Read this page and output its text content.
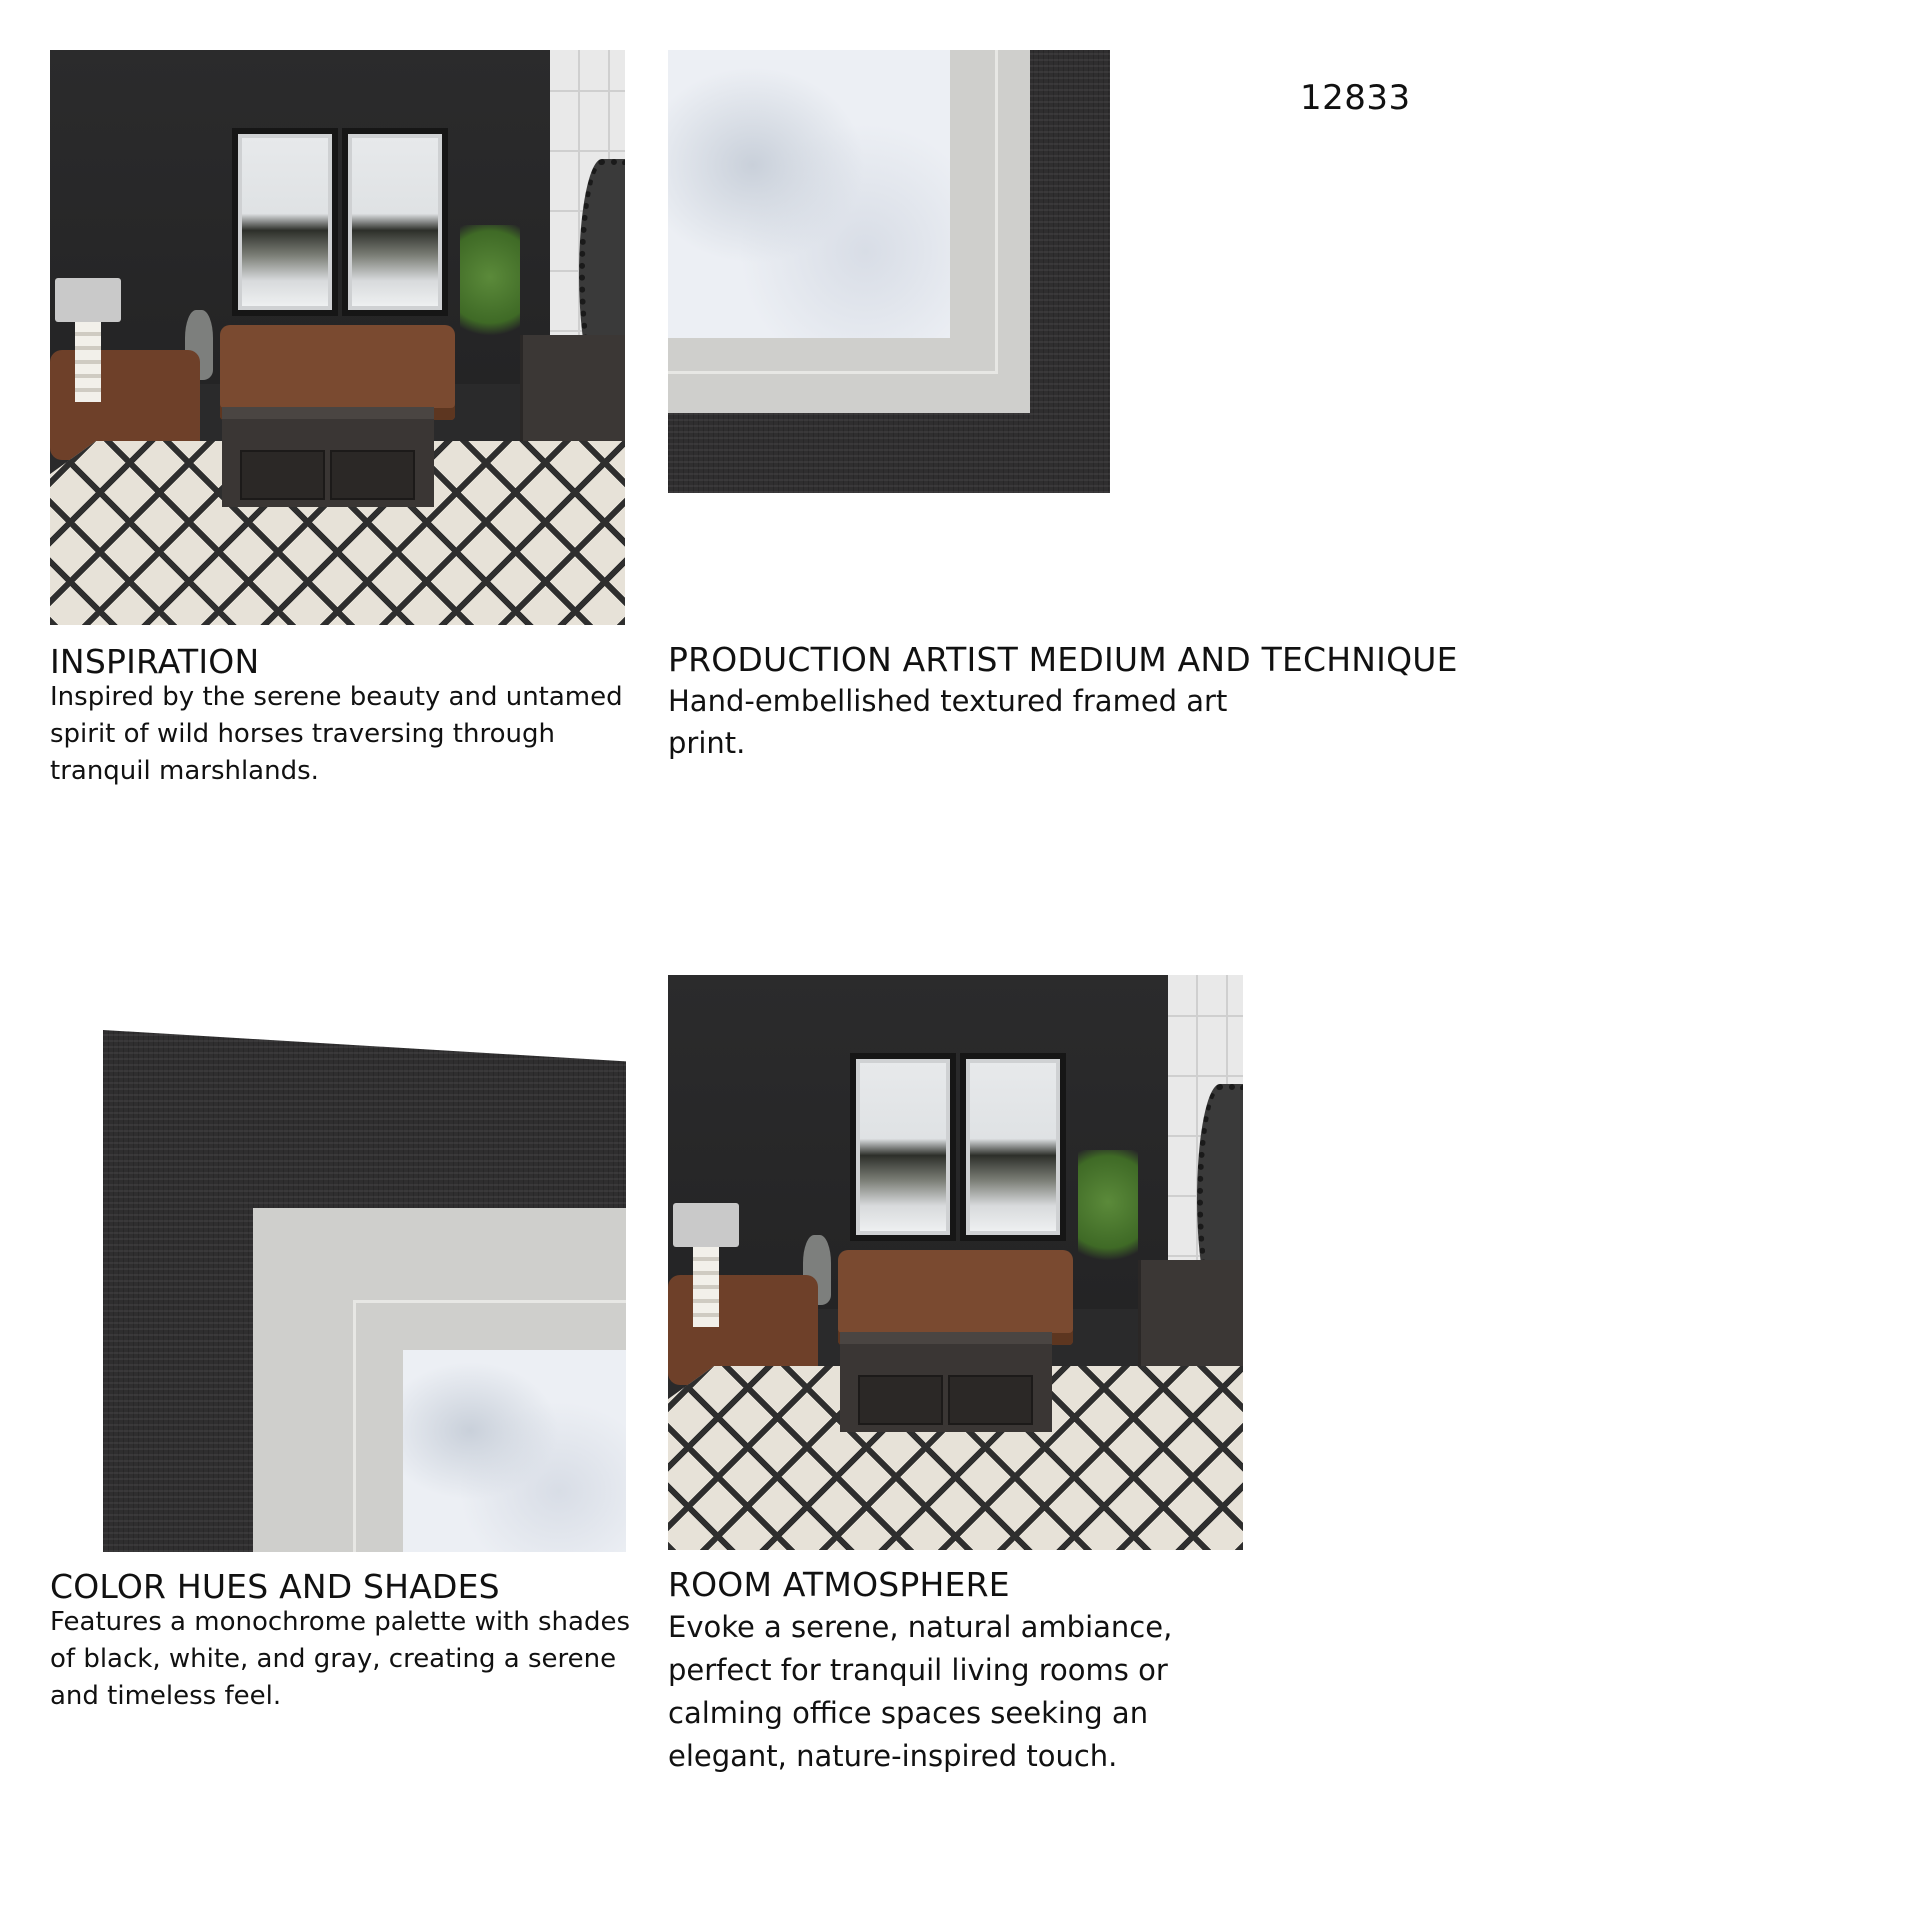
12833
INSPIRATION
Inspired by the serene beauty and untamed spirit of wild horses traversing through tranquil marshlands.
PRODUCTION ARTIST MEDIUM AND TECHNIQUE
Hand-embellished textured framed art
print.
COLOR HUES AND SHADES
Features a monochrome palette with shades of black, white, and gray, creating a serene and timeless feel.
ROOM ATMOSPHERE
Evoke a serene, natural ambiance,
perfect for tranquil living rooms or
calming office spaces seeking an
elegant, nature-inspired touch.
